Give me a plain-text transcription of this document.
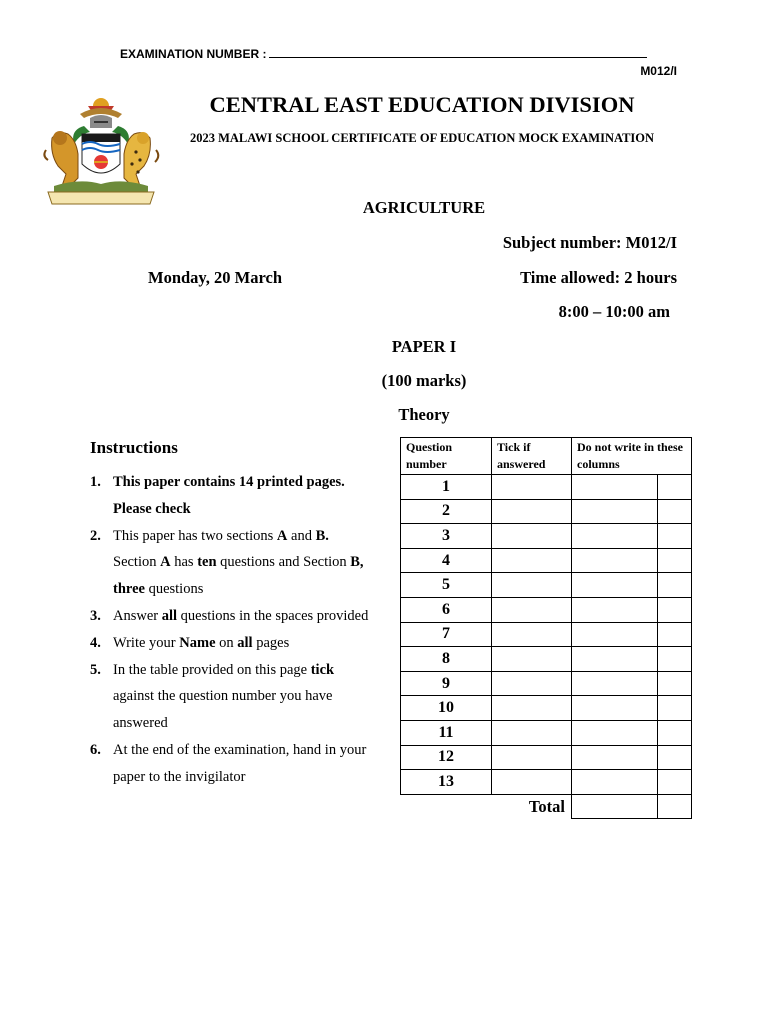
EXAMINATION NUMBER :
M012/I
CENTRAL EAST EDUCATION DIVISION
2023 MALAWI SCHOOL CERTIFICATE OF EDUCATION MOCK EXAMINATION
AGRICULTURE
Subject number: M012/I
Monday, 20 March	Time allowed: 2 hours
8:00 – 10:00 am
PAPER I
(100 marks)
Theory
Instructions
1. This paper contains 14 printed pages. Please check
2. This paper has two sections A and B. Section A has ten questions and Section B, three questions
3. Answer all questions in the spaces provided
4. Write your Name on all pages
5. In the table provided on this page tick against the question number you have answered
6. At the end of the examination, hand in your paper to the invigilator
Question number	Tick if answered	Do not write in these columns	
1			
2			
3			
4			
5			
6			
7			
8			
9			
10			
11			
12			
13			
Total			
